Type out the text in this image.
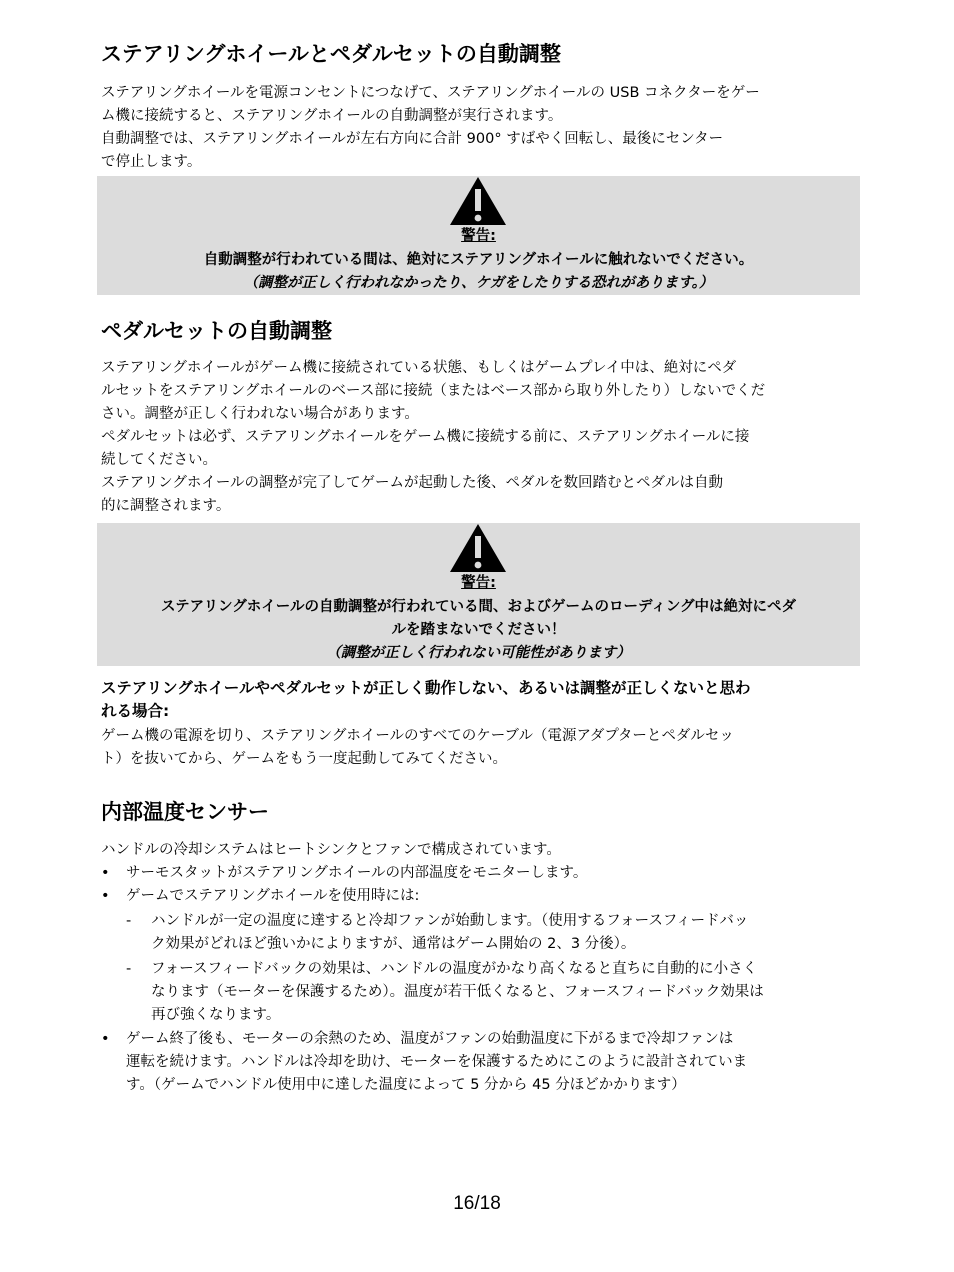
ステアリングホイールとペダルセットの自動調整
ステアリングホイールを電源コンセントにつなげて、ステアリングホイールの USB コネクターをゲー
ム機に接続すると、ステアリングホイールの自動調整が実行されます。
自動調整では、ステアリングホイールが左右方向に合計 900° すばやく回転し、最後にセンター
で停止します。
警告:
自動調整が行われている間は、絶対にステアリングホイールに触れないでください。
（調整が正しく行われなかったり、ケガをしたりする恐れがあります。）
ペダルセットの自動調整
ステアリングホイールがゲーム機に接続されている状態、もしくはゲームプレイ中は、絶対にペダ
ルセットをステアリングホイールのベース部に接続（またはベース部から取り外したり）しないでくだ
さい。調整が正しく行われない場合があります。
ペダルセットは必ず、ステアリングホイールをゲーム機に接続する前に、ステアリングホイールに接
続してください。
ステアリングホイールの調整が完了してゲームが起動した後、ペダルを数回踏むとペダルは自動
的に調整されます。
警告:
ステアリングホイールの自動調整が行われている間、およびゲームのローディング中は絶対にペダ
ルを踏まないでください！
（調整が正しく行われない可能性があります）
ステアリングホイールやペダルセットが正しく動作しない、あるいは調整が正しくないと思わ
れる場合:
ゲーム機の電源を切り、ステアリングホイールのすべてのケーブル（電源アダプターとペダルセッ
ト）を抜いてから、ゲームをもう一度起動してみてください。
内部温度センサー
ハンドルの冷却システムはヒートシンクとファンで構成されています。
• サーモスタットがステアリングホイールの内部温度をモニターします。
• ゲームでステアリングホイールを使用時には:
- ハンドルが一定の温度に達すると冷却ファンが始動します。（使用するフォースフィードバッ
ク効果がどれほど強いかによりますが、通常はゲーム開始の 2、3 分後）。
- フォースフィードバックの効果は、ハンドルの温度がかなり高くなると直ちに自動的に小さく
なります（モーターを保護するため）。温度が若干低くなると、フォースフィードバック効果は
再び強くなります。
• ゲーム終了後も、モーターの余熱のため、温度がファンの始動温度に下がるまで冷却ファンは
運転を続けます。ハンドルは冷却を助け、モーターを保護するためにこのように設計されていま
す。（ゲームでハンドル使用中に達した温度によって 5 分から 45 分ほどかかります）
16/18
